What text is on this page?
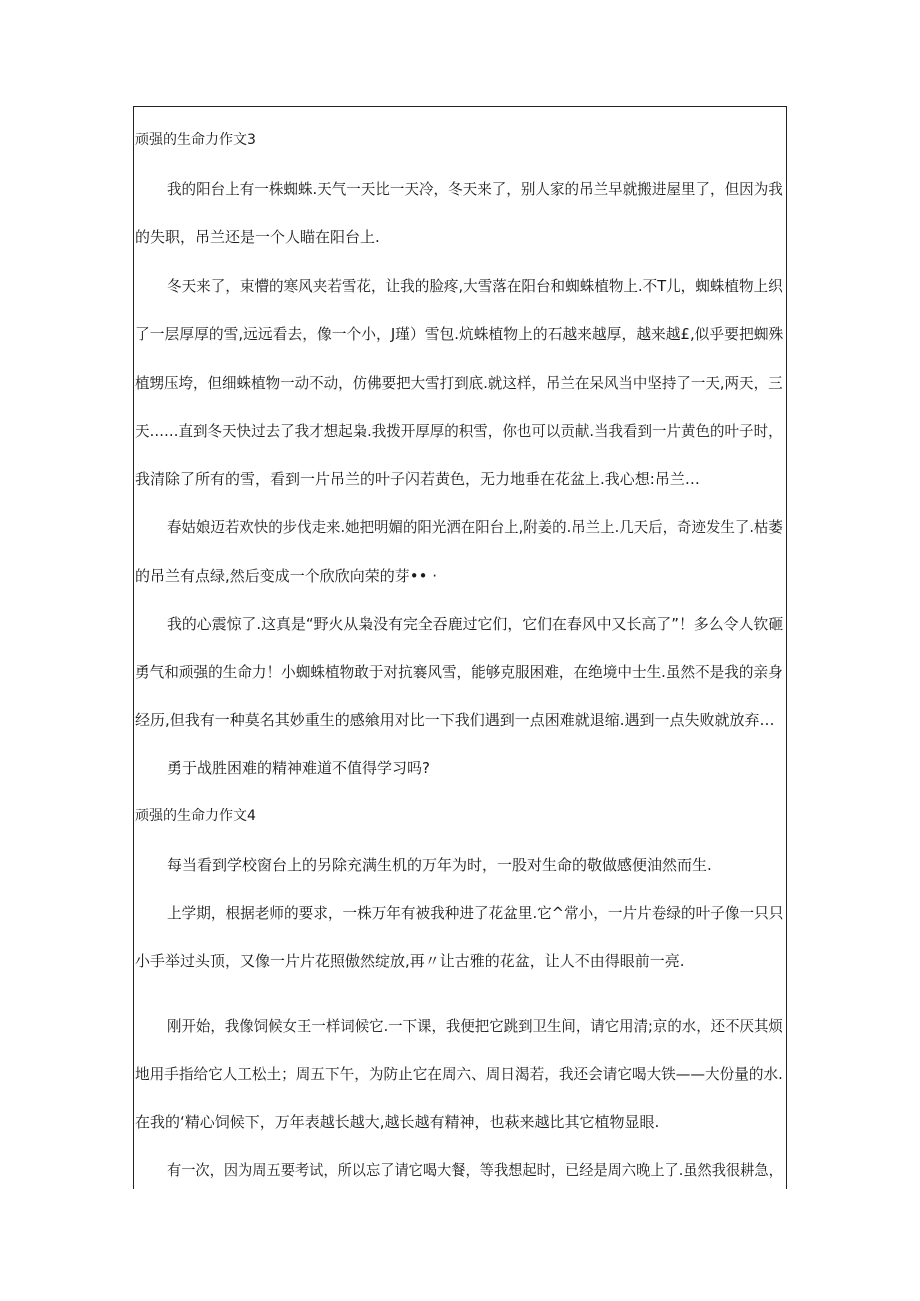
顽强的生命力作文3
我的阳台上有一株蜘蛛.天气一天比一天冷，冬天来了，别人家的吊兰早就搬进屋里了，但因为我
的失职，吊兰还是一个人瞄在阳台上.
冬天来了，束懵的寒风夹若雪花，让我的脸疼,大雪落在阳台和蜘蛛植物上.不T儿，蜘蛛植物上织
了一层厚厚的雪,远远看去，像一个小，J瑾）雪包.炕蛛植物上的石越来越厚，越来越£,似乎要把蜘殊
植甥压垮，但细蛛植物一动不动，仿佛要把大雪打到底.就这样，吊兰在呆风当中坚持了一天,两天，三
天……直到冬天快过去了我才想起枭.我拨开厚厚的积雪，你也可以贡献.当我看到一片黄色的叶子时，
我清除了所有的雪，看到一片吊兰的叶子闪若黄色，无力地垂在花盆上.我心想:吊兰…
春姑娘迈若欢快的步伐走来.她把明媚的阳光洒在阳台上,附姜的.吊兰上.几天后，奇迹发生了.枯萎
的吊兰有点绿,然后变成一个欣欣向荣的芽•• ·
我的心震惊了.这真是“野火从枭没有完全吞鹿过它们，它们在春风中又长高了”！多么令人钦砸
勇气和顽强的生命力！小蜘蛛植物敢于对抗褰风雪，能够克服困难，在绝境中士生.虽然不是我的亲身
经历,但我有一种莫名其妙重生的感飨用对比一下我们遇到一点困难就退缩.遇到一点失败就放弃…
勇于战胜困难的精神难道不值得学习吗?
顽强的生命力作文4
每当看到学校窗台上的另除充满生机的万年为时，一股对生命的敬做感便油然而生.
上学期，根据老师的要求，一株万年有被我种进了花盆里.它^常小，一片片卷绿的叶子像一只只
小手举过头顶，又像一片片花照傲然绽放,再〃让古雅的花盆，让人不由得眼前一亮.
刚开始，我像饲候女王一样词候它.一下课，我便把它跳到卫生间，请它用清;京的水，还不厌其烦
地用手指给它人工松土；周五下午，为防止它在周六、周日渴若，我还会请它喝大铁——大份量的水.
在我的‘精心饲候下，万年表越长越大,越长越有精神，也萩来越比其它植物显眼.
有一次，因为周五要考试，所以忘了请它喝大餐，等我想起时，已经是周六晚上了.虽然我很耕急，
